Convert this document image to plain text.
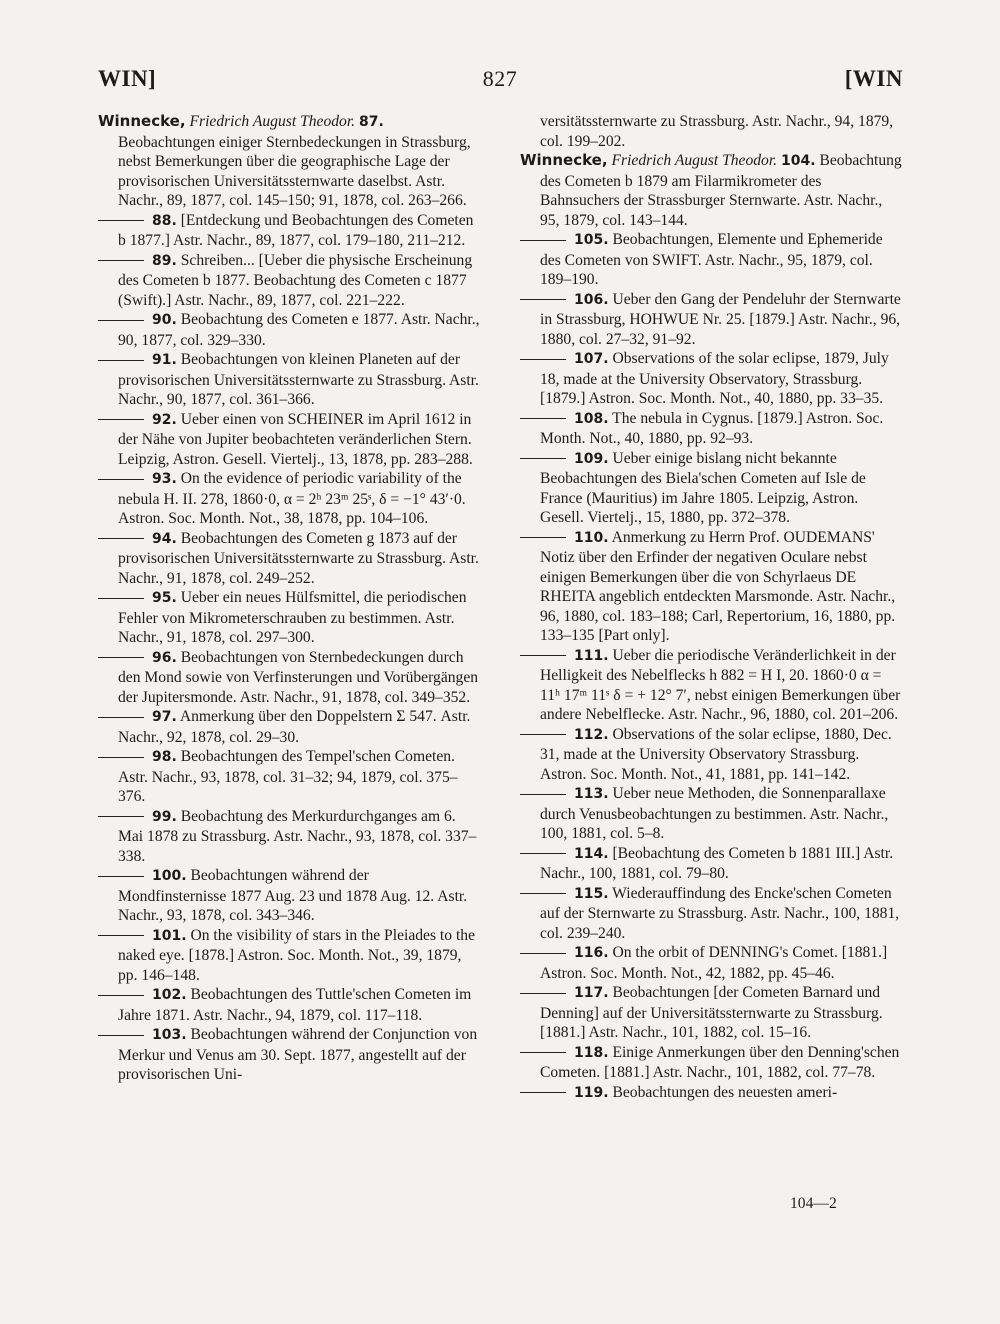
WIN]	827	[WIN

Winnecke, Friedrich August Theodor. 87. Beobachtungen einiger Sternbedeckungen in Strassburg, nebst Bemerkungen über die geographische Lage der provisorischen Universitätssternwarte daselbst. Astr. Nachr., 89, 1877, col. 145–150; 91, 1878, col. 263–266.

88. [Entdeckung und Beobachtungen des Cometen b 1877.] Astr. Nachr., 89, 1877, col. 179–180, 211–212.

89. Schreiben... [Ueber die physische Erscheinung des Cometen b 1877. Beobachtung des Cometen c 1877 (Swift).] Astr. Nachr., 89, 1877, col. 221–222.

90. Beobachtung des Cometen e 1877. Astr. Nachr., 90, 1877, col. 329–330.

91. Beobachtungen von kleinen Planeten auf der provisorischen Universitätssternwarte zu Strassburg. Astr. Nachr., 90, 1877, col. 361–366.

92. Ueber einen von SCHEINER im April 1612 in der Nähe von Jupiter beobachteten veränderlichen Stern. Leipzig, Astron. Gesell. Viertelj., 13, 1878, pp. 283–288.

93. On the evidence of periodic variability of the nebula H. II. 278, 1860·0, α = 2ʰ 23ᵐ 25ˢ, δ = −1° 43′·0. Astron. Soc. Month. Not., 38, 1878, pp. 104–106.

94. Beobachtungen des Cometen g 1873 auf der provisorischen Universitätssternwarte zu Strassburg. Astr. Nachr., 91, 1878, col. 249–252.

95. Ueber ein neues Hülfsmittel, die periodischen Fehler von Mikrometerschrauben zu bestimmen. Astr. Nachr., 91, 1878, col. 297–300.

96. Beobachtungen von Sternbedeckungen durch den Mond sowie von Verfinsterungen und Vorübergängen der Jupitersmonde. Astr. Nachr., 91, 1878, col. 349–352.

97. Anmerkung über den Doppelstern Σ 547. Astr. Nachr., 92, 1878, col. 29–30.

98. Beobachtungen des Tempel'schen Cometen. Astr. Nachr., 93, 1878, col. 31–32; 94, 1879, col. 375–376.

99. Beobachtung des Merkurdurchganges am 6. Mai 1878 zu Strassburg. Astr. Nachr., 93, 1878, col. 337–338.

100. Beobachtungen während der Mondfinsternisse 1877 Aug. 23 und 1878 Aug. 12. Astr. Nachr., 93, 1878, col. 343–346.

101. On the visibility of stars in the Pleiades to the naked eye. [1878.] Astron. Soc. Month. Not., 39, 1879, pp. 146–148.

102. Beobachtungen des Tuttle'schen Cometen im Jahre 1871. Astr. Nachr., 94, 1879, col. 117–118.

103. Beobachtungen während der Conjunction von Merkur und Venus am 30. Sept. 1877, angestellt auf der provisorischen Uni-

versitätssternwarte zu Strassburg. Astr. Nachr., 94, 1879, col. 199–202.

Winnecke, Friedrich August Theodor. 104. Beobachtung des Cometen b 1879 am Filarmikrometer des Bahnsuchers der Strassburger Sternwarte. Astr. Nachr., 95, 1879, col. 143–144.

105. Beobachtungen, Elemente und Ephemeride des Cometen von SWIFT. Astr. Nachr., 95, 1879, col. 189–190.

106. Ueber den Gang der Pendeluhr der Sternwarte in Strassburg, HOHWUE Nr. 25. [1879.] Astr. Nachr., 96, 1880, col. 27–32, 91–92.

107. Observations of the solar eclipse, 1879, July 18, made at the University Observatory, Strassburg. [1879.] Astron. Soc. Month. Not., 40, 1880, pp. 33–35.

108. The nebula in Cygnus. [1879.] Astron. Soc. Month. Not., 40, 1880, pp. 92–93.

109. Ueber einige bislang nicht bekannte Beobachtungen des Biela'schen Cometen auf Isle de France (Mauritius) im Jahre 1805. Leipzig, Astron. Gesell. Viertelj., 15, 1880, pp. 372–378.

110. Anmerkung zu Herrn Prof. OUDEMANS' Notiz über den Erfinder der negativen Oculare nebst einigen Bemerkungen über die von Schyrlaeus DE RHEITA angeblich entdeckten Marsmonde. Astr. Nachr., 96, 1880, col. 183–188; Carl, Repertorium, 16, 1880, pp. 133–135 [Part only].

111. Ueber die periodische Veränderlichkeit in der Helligkeit des Nebelflecks h 882 = H I, 20. 1860·0 α = 11ʰ 17ᵐ 11ˢ δ = + 12° 7′, nebst einigen Bemerkungen über andere Nebelflecke. Astr. Nachr., 96, 1880, col. 201–206.

112. Observations of the solar eclipse, 1880, Dec. 31, made at the University Observatory Strassburg. Astron. Soc. Month. Not., 41, 1881, pp. 141–142.

113. Ueber neue Methoden, die Sonnenparallaxe durch Venusbeobachtungen zu bestimmen. Astr. Nachr., 100, 1881, col. 5–8.

114. [Beobachtung des Cometen b 1881 III.] Astr. Nachr., 100, 1881, col. 79–80.

115. Wiederauffindung des Encke'schen Cometen auf der Sternwarte zu Strassburg. Astr. Nachr., 100, 1881, col. 239–240.

116. On the orbit of DENNING's Comet. [1881.] Astron. Soc. Month. Not., 42, 1882, pp. 45–46.

117. Beobachtungen [der Cometen Barnard und Denning] auf der Universitätssternwarte zu Strassburg. [1881.] Astr. Nachr., 101, 1882, col. 15–16.

118. Einige Anmerkungen über den Denning'schen Cometen. [1881.] Astr. Nachr., 101, 1882, col. 77–78.

119. Beobachtungen des neuesten ameri-

104—2
